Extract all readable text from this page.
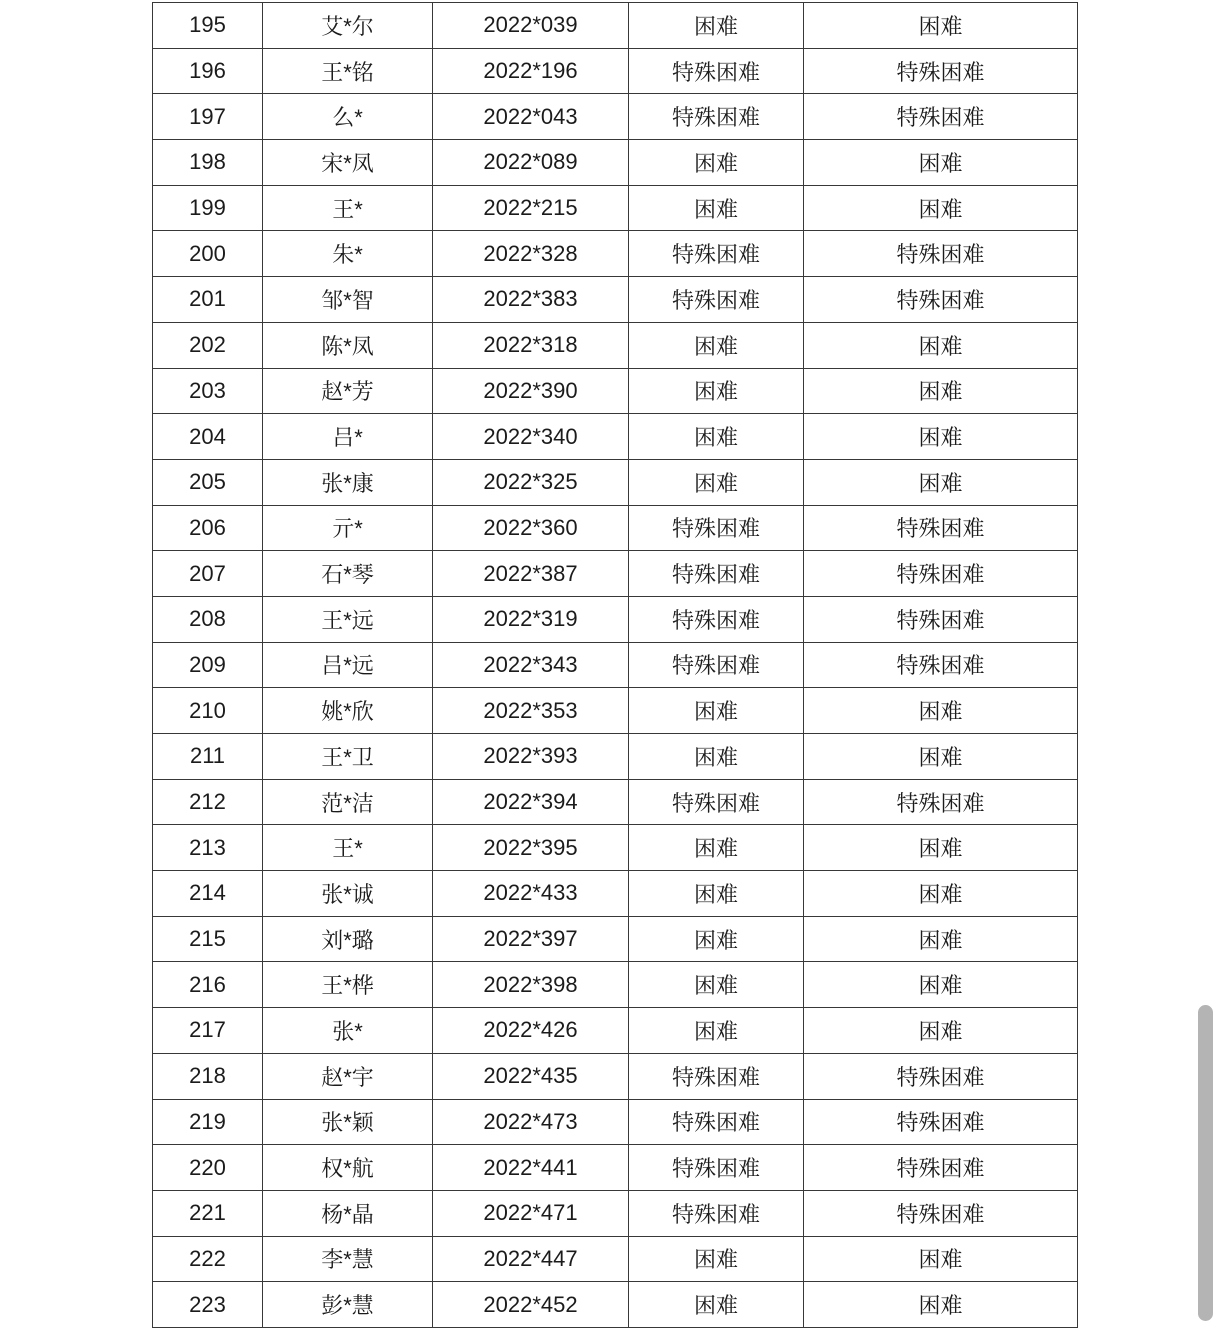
195	艾*尔	2022*039	困难	困难
196	王*铭	2022*196	特殊困难	特殊困难
197	么*	2022*043	特殊困难	特殊困难
198	宋*凤	2022*089	困难	困难
199	王*	2022*215	困难	困难
200	朱*	2022*328	特殊困难	特殊困难
201	邹*智	2022*383	特殊困难	特殊困难
202	陈*凤	2022*318	困难	困难
203	赵*芳	2022*390	困难	困难
204	吕*	2022*340	困难	困难
205	张*康	2022*325	困难	困难
206	亓*	2022*360	特殊困难	特殊困难
207	石*琴	2022*387	特殊困难	特殊困难
208	王*远	2022*319	特殊困难	特殊困难
209	吕*远	2022*343	特殊困难	特殊困难
210	姚*欣	2022*353	困难	困难
211	王*卫	2022*393	困难	困难
212	范*洁	2022*394	特殊困难	特殊困难
213	王*	2022*395	困难	困难
214	张*诚	2022*433	困难	困难
215	刘*璐	2022*397	困难	困难
216	王*桦	2022*398	困难	困难
217	张*	2022*426	困难	困难
218	赵*宇	2022*435	特殊困难	特殊困难
219	张*颖	2022*473	特殊困难	特殊困难
220	权*航	2022*441	特殊困难	特殊困难
221	杨*晶	2022*471	特殊困难	特殊困难
222	李*慧	2022*447	困难	困难
223	彭*慧	2022*452	困难	困难
